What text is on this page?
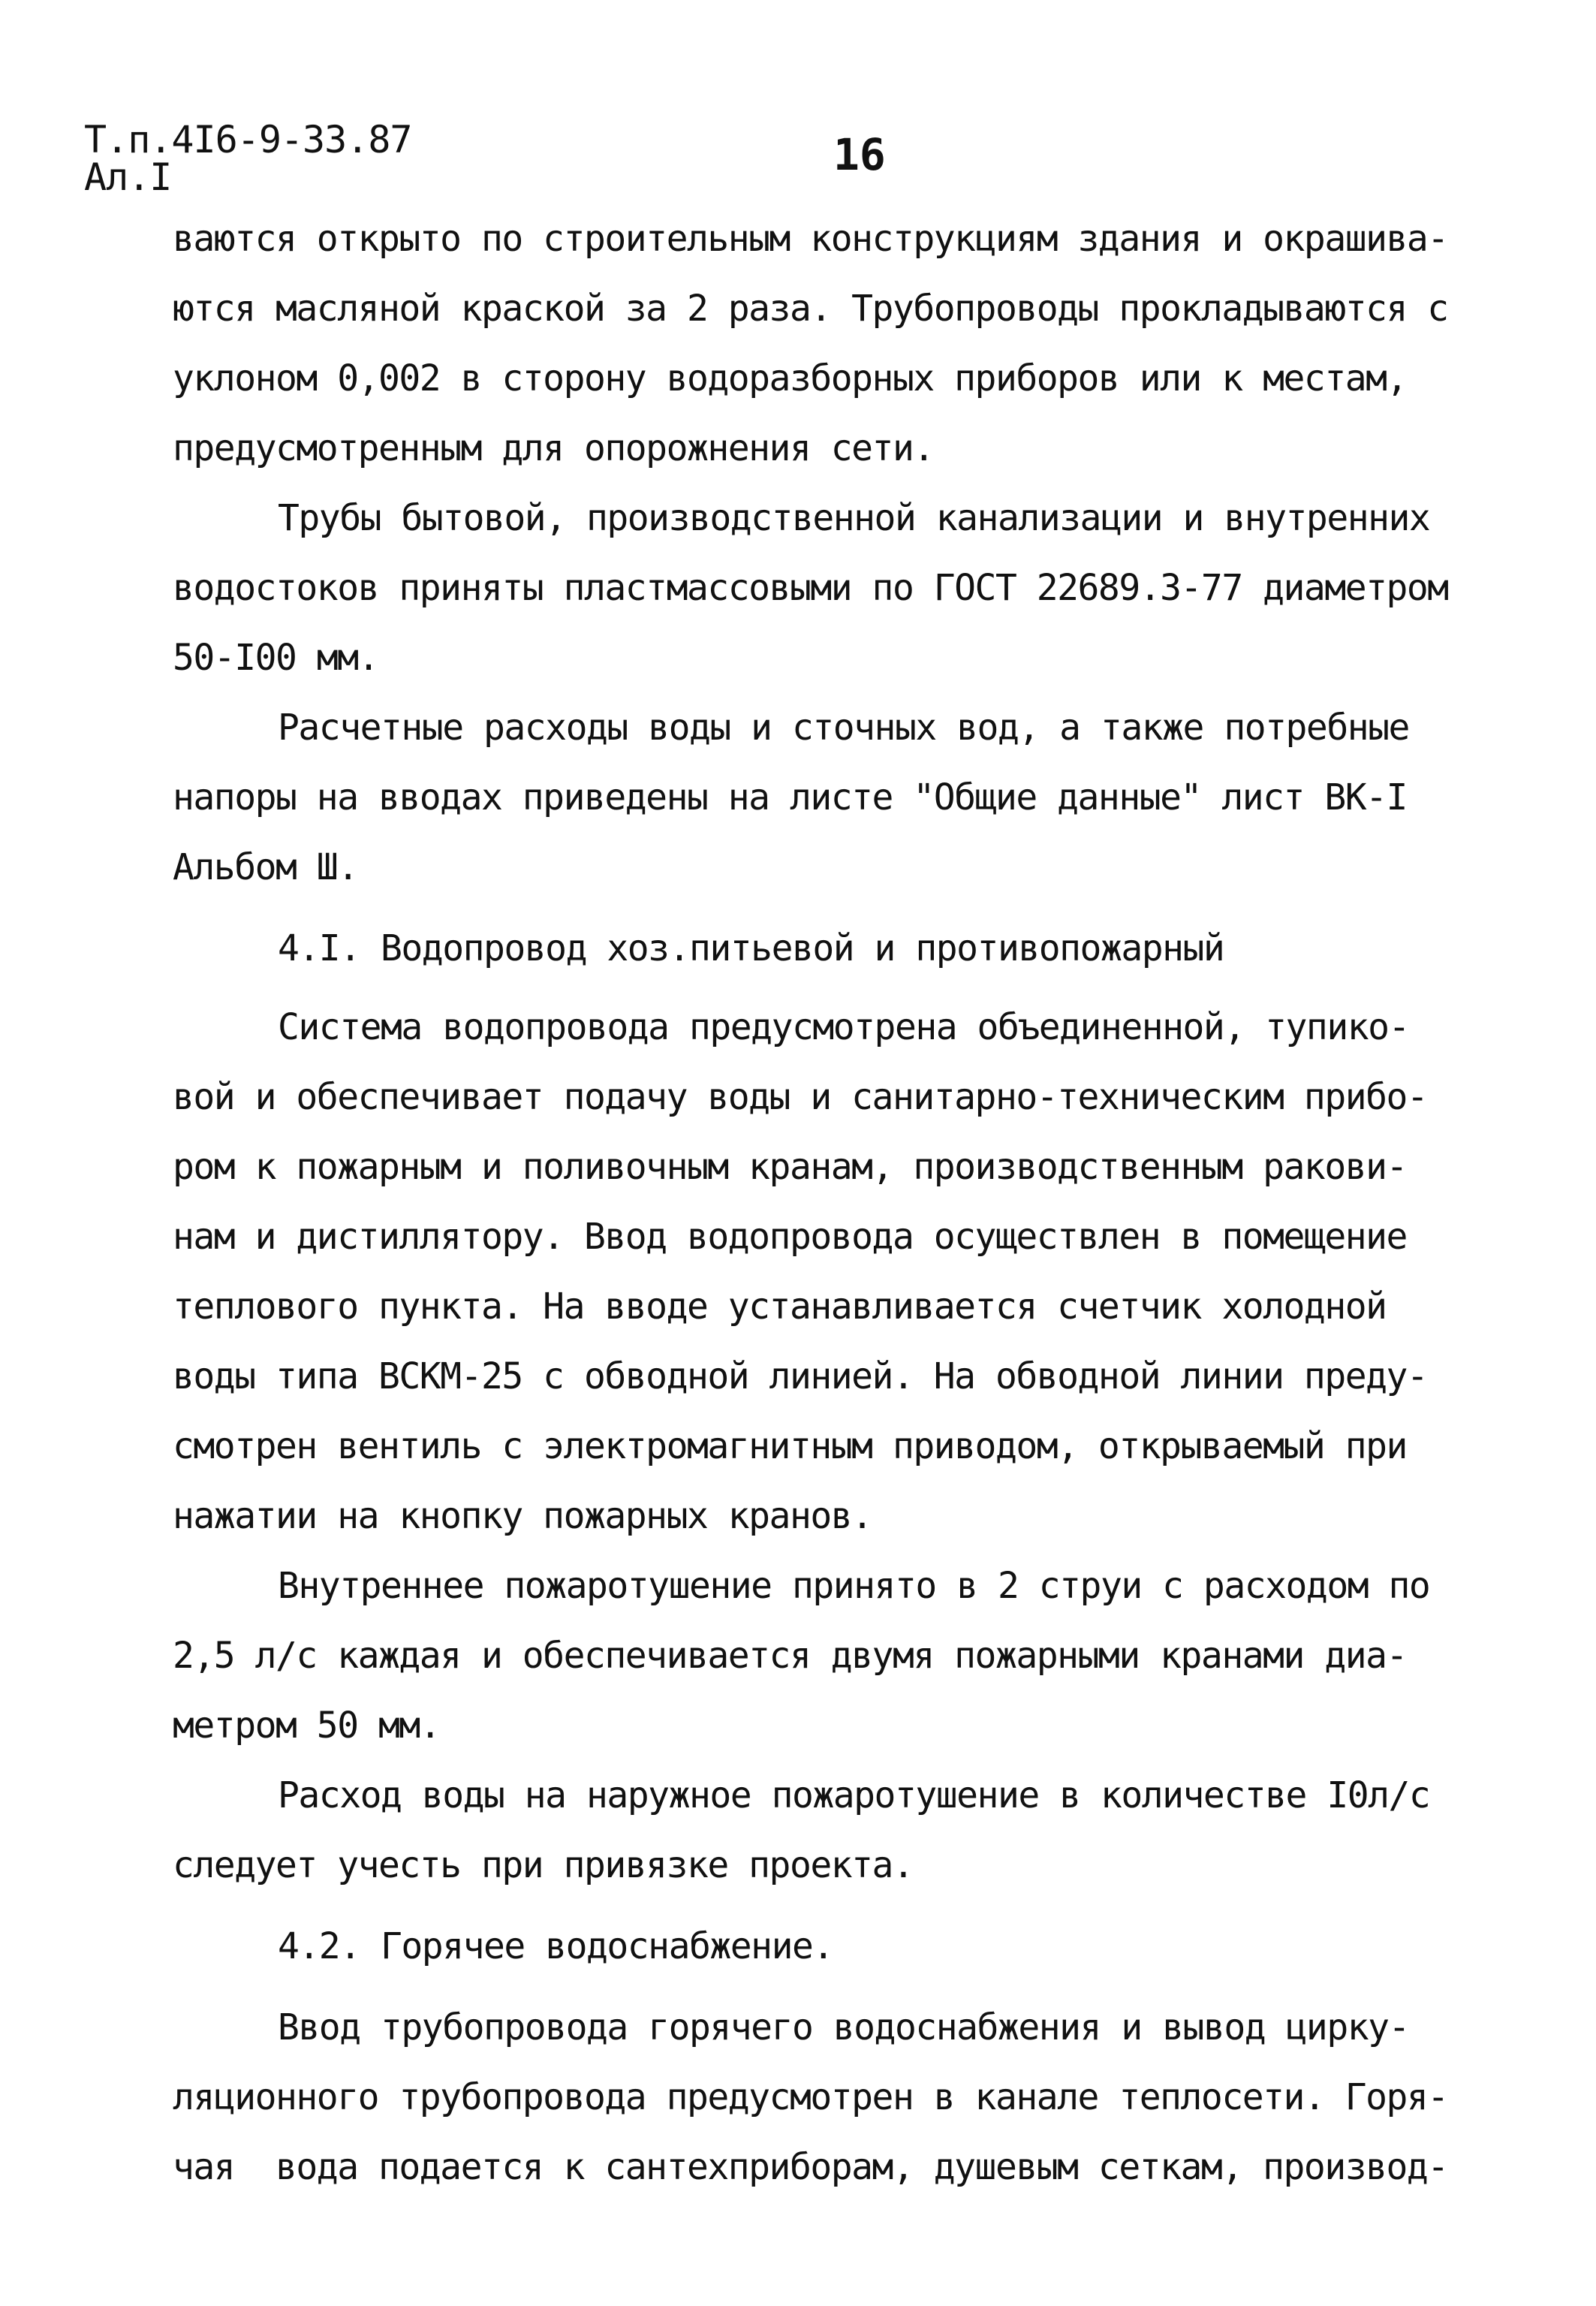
Т.п.4I6-9-33.87
Ал.I	16
ваются открыто по строительным конструкциям здания и окрашива-
ются масляной краской за 2 раза. Трубопроводы прокладываются с
уклоном 0,002 в сторону водоразборных приборов или к местам,
предусмотренным для опорожнения сети.
Трубы бытовой, производственной канализации и внутренних
водостоков приняты пластмассовыми по ГОСТ 22689.3-77 диаметром
50-I00 мм.
Расчетные расходы воды и сточных вод, а также потребные
напоры на вводах приведены на листе "Общие данные" лист ВК-I
Альбом Ш.
4.I. Водопровод хоз.питьевой и противопожарный
Система водопровода предусмотрена объединенной, тупико-
вой и обеспечивает подачу воды и санитарно-техническим прибо-
ром к пожарным и поливочным кранам, производственным ракови-
нам и дистиллятору. Ввод водопровода осуществлен в помещение
теплового пункта. На вводе устанавливается счетчик холодной
воды типа ВСКМ-25 с обводной линией. На обводной линии преду-
смотрен вентиль с электромагнитным приводом, открываемый при
нажатии на кнопку пожарных кранов.
Внутреннее пожаротушение принято в 2 струи с расходом по
2,5 л/с каждая и обеспечивается двумя пожарными кранами диа-
метром 50 мм.
Расход воды на наружное пожаротушение в количестве I0л/с
следует учесть при привязке проекта.
4.2. Горячее водоснабжение.
Ввод трубопровода горячего водоснабжения и вывод цирку-
ляционного трубопровода предусмотрен в канале теплосети. Горя-
чая  вода подается к сантехприборам, душевым сеткам, производ-
